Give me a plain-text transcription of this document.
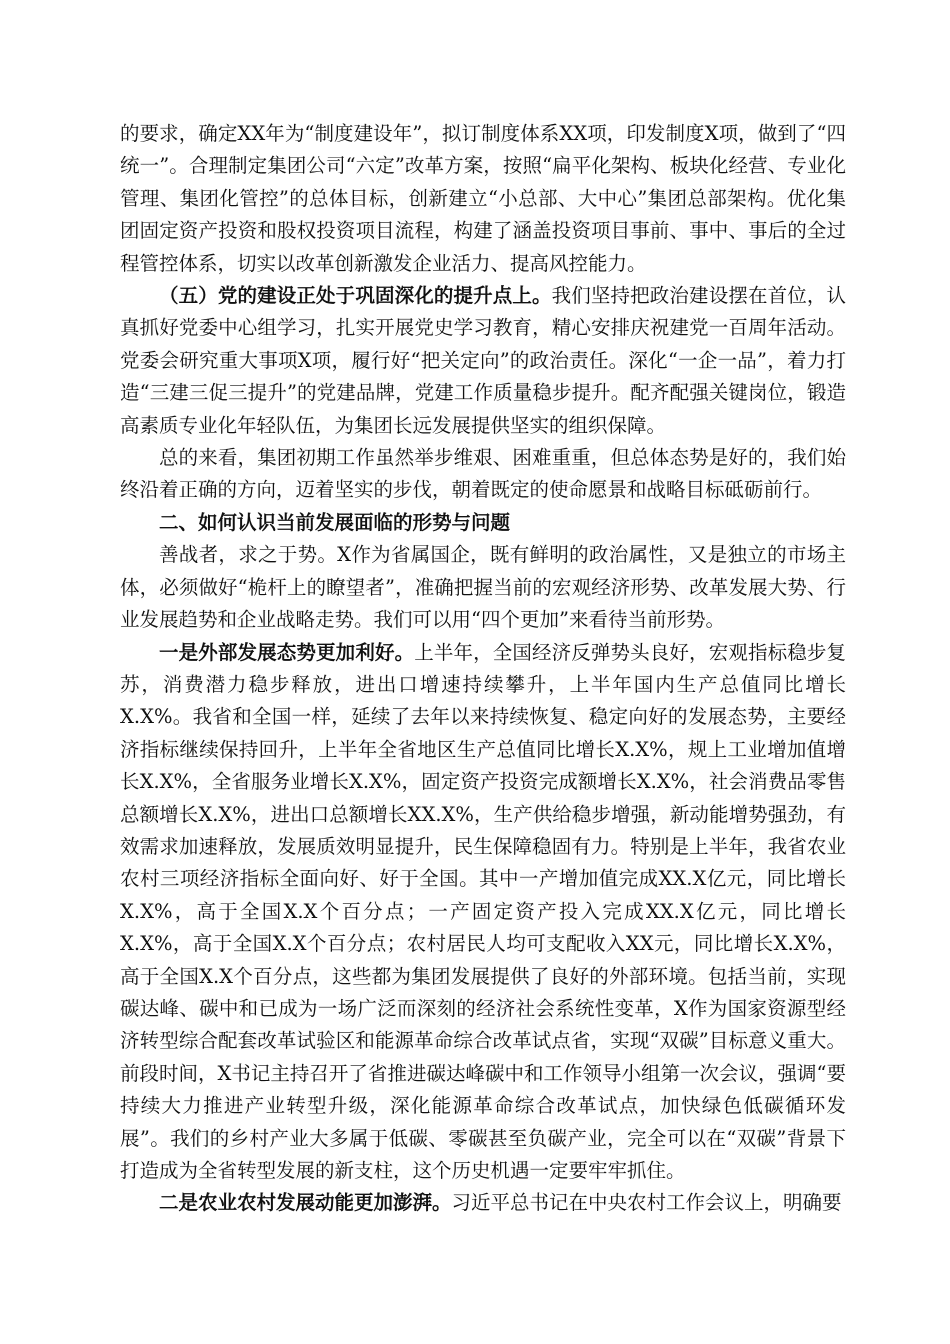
的要求，确定XX年为“制度建设年”，拟订制度体系XX项，印发制度X项，做到了“四统一”。合理制定集团公司“六定”改革方案，按照“扁平化架构、板块化经营、专业化管理、集团化管控”的总体目标，创新建立“小总部、大中心”集团总部架构。优化集团固定资产投资和股权投资项目流程，构建了涵盖投资项目事前、事中、事后的全过程管控体系，切实以改革创新激发企业活力、提高风控能力。

（五）党的建设正处于巩固深化的提升点上。我们坚持把政治建设摆在首位，认真抓好党委中心组学习，扎实开展党史学习教育，精心安排庆祝建党一百周年活动。党委会研究重大事项X项，履行好“把关定向”的政治责任。深化“一企一品”，着力打造“三建三促三提升”的党建品牌，党建工作质量稳步提升。配齐配强关键岗位，锻造高素质专业化年轻队伍，为集团长远发展提供坚实的组织保障。

总的来看，集团初期工作虽然举步维艰、困难重重，但总体态势是好的，我们始终沿着正确的方向，迈着坚实的步伐，朝着既定的使命愿景和战略目标砥砺前行。

二、如何认识当前发展面临的形势与问题

善战者，求之于势。X作为省属国企，既有鲜明的政治属性，又是独立的市场主体，必须做好“桅杆上的瞭望者”，准确把握当前的宏观经济形势、改革发展大势、行业发展趋势和企业战略走势。我们可以用“四个更加”来看待当前形势。

一是外部发展态势更加利好。上半年，全国经济反弹势头良好，宏观指标稳步复苏，消费潜力稳步释放，进出口增速持续攀升，上半年国内生产总值同比增长X.X%。我省和全国一样，延续了去年以来持续恢复、稳定向好的发展态势，主要经济指标继续保持回升，上半年全省地区生产总值同比增长X.X%，规上工业增加值增长X.X%，全省服务业增长X.X%，固定资产投资完成额增长X.X%，社会消费品零售总额增长X.X%，进出口总额增长XX.X%，生产供给稳步增强，新动能增势强劲，有效需求加速释放，发展质效明显提升，民生保障稳固有力。特别是上半年，我省农业农村三项经济指标全面向好、好于全国。其中一产增加值完成XX.X亿元，同比增长X.X%，高于全国X.X个百分点；一产固定资产投入完成XX.X亿元，同比增长X.X%，高于全国X.X个百分点；农村居民人均可支配收入XX元，同比增长X.X%，高于全国X.X个百分点，这些都为集团发展提供了良好的外部环境。包括当前，实现碳达峰、碳中和已成为一场广泛而深刻的经济社会系统性变革，X作为国家资源型经济转型综合配套改革试验区和能源革命综合改革试点省，实现“双碳”目标意义重大。前段时间，X书记主持召开了省推进碳达峰碳中和工作领导小组第一次会议，强调“要持续大力推进产业转型升级，深化能源革命综合改革试点，加快绿色低碳循环发展”。我们的乡村产业大多属于低碳、零碳甚至负碳产业，完全可以在“双碳”背景下打造成为全省转型发展的新支柱，这个历史机遇一定要牢牢抓住。

二是农业农村发展动能更加澎湃。习近平总书记在中央农村工作会议上，明确要
